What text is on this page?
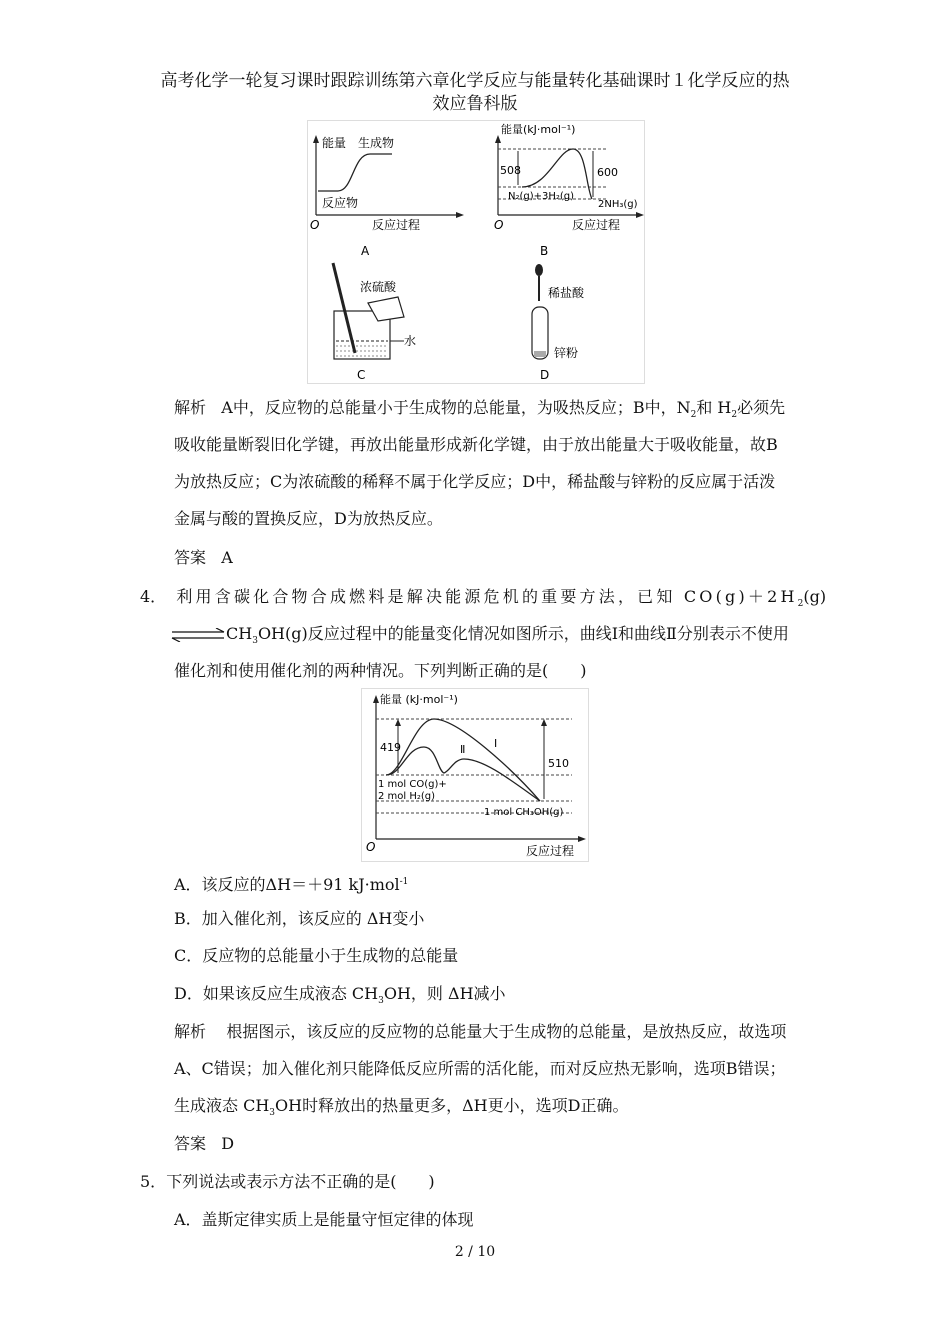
高考化学一轮复习课时跟踪训练第六章化学反应与能量转化基础课时１化学反应的热
效应鲁科版
能量 生成物
反应物
O	反应过程
A
能量(kJ·mol⁻¹)
508	600
N₂(g)+3H₂(g)
2NH₃(g)
O	反应过程
B
浓硫酸
水
C
稀盐酸
锌粉
D
解析 A中，反应物的总能量小于生成物的总能量，为吸热反应；B中，$N_2$和 $H_2$必须先
吸收能量断裂旧化学键，再放出能量形成新化学键，由于放出能量大于吸收能量，故B
为放热反应；C为浓硫酸的稀释不属于化学反应；D中，稀盐酸与锌粉的反应属于活泼
金属与酸的置换反应，D为放热反应。
答案 A
4． 利用含碳化合物合成燃料是解决能源危机的重要方法，已知 $CO(g)+2H_2(g)$
$\rightleftharpoons CH_3OH(g)$反应过程中的能量变化情况如图所示，曲线Ⅰ和曲线Ⅱ分别表示不使用
催化剂和使用催化剂的两种情况。下列判断正确的是(　　)
能量 (kJ·mol⁻¹)
419
510
Ⅰ
Ⅱ
1 mol CO(g)+
2 mol H₂(g)
1 mol CH₃OH(g)
O	反应过程
A．该反应的ΔH＝＋91 kJ·mol$^{-1}$
B．加入催化剂，该反应的 ΔH变小
C．反应物的总能量小于生成物的总能量
D．如果该反应生成液态 $CH_3OH$，则 ΔH减小
解析 根据图示，该反应的反应物的总能量大于生成物的总能量，是放热反应，故选项
A、C错误；加入催化剂只能降低反应所需的活化能，而对反应热无影响，选项B错误；
生成液态 $CH_3OH$时释放出的热量更多，ΔH更小，选项D正确。
答案 D
5．下列说法或表示方法不正确的是(　　)
A．盖斯定律实质上是能量守恒定律的体现
2 / 10
